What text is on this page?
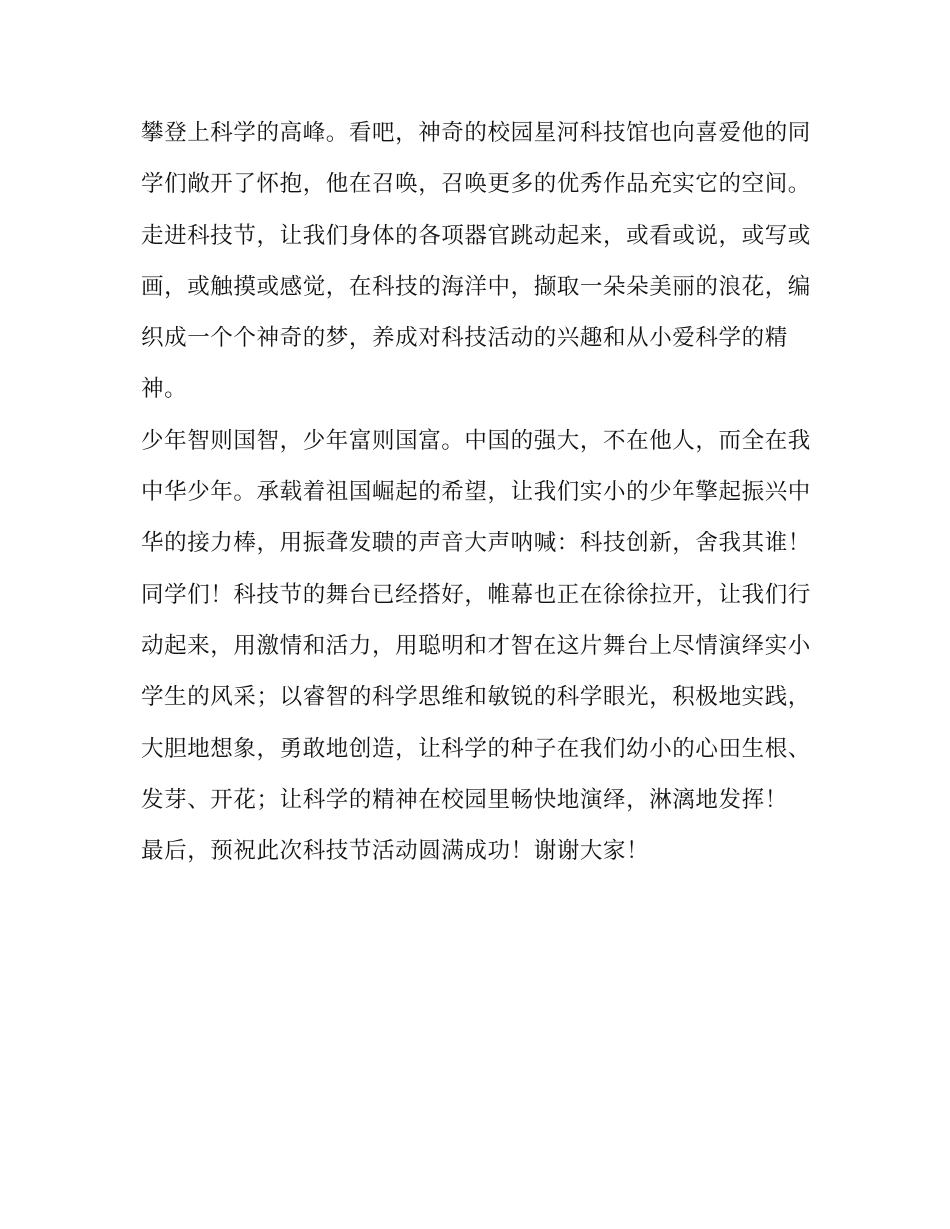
攀登上科学的高峰。看吧，神奇的校园星河科技馆也向喜爱他的同学们敞开了怀抱，他在召唤，召唤更多的优秀作品充实它的空间。

走进科技节，让我们身体的各项器官跳动起来，或看或说，或写或画，或触摸或感觉，在科技的海洋中，撷取一朵朵美丽的浪花，编织成一个个神奇的梦，养成对科技活动的兴趣和从小爱科学的精神。

少年智则国智，少年富则国富。中国的强大，不在他人，而全在我中华少年。承载着祖国崛起的希望，让我们实小的少年擎起振兴中华的接力棒，用振聋发聩的声音大声呐喊：科技创新，舍我其谁！

同学们！科技节的舞台已经搭好，帷幕也正在徐徐拉开，让我们行动起来，用激情和活力，用聪明和才智在这片舞台上尽情演绎实小学生的风采；以睿智的科学思维和敏锐的科学眼光，积极地实践，大胆地想象，勇敢地创造，让科学的种子在我们幼小的心田生根、发芽、开花；让科学的精神在校园里畅快地演绎，淋漓地发挥！

最后，预祝此次科技节活动圆满成功！谢谢大家！
